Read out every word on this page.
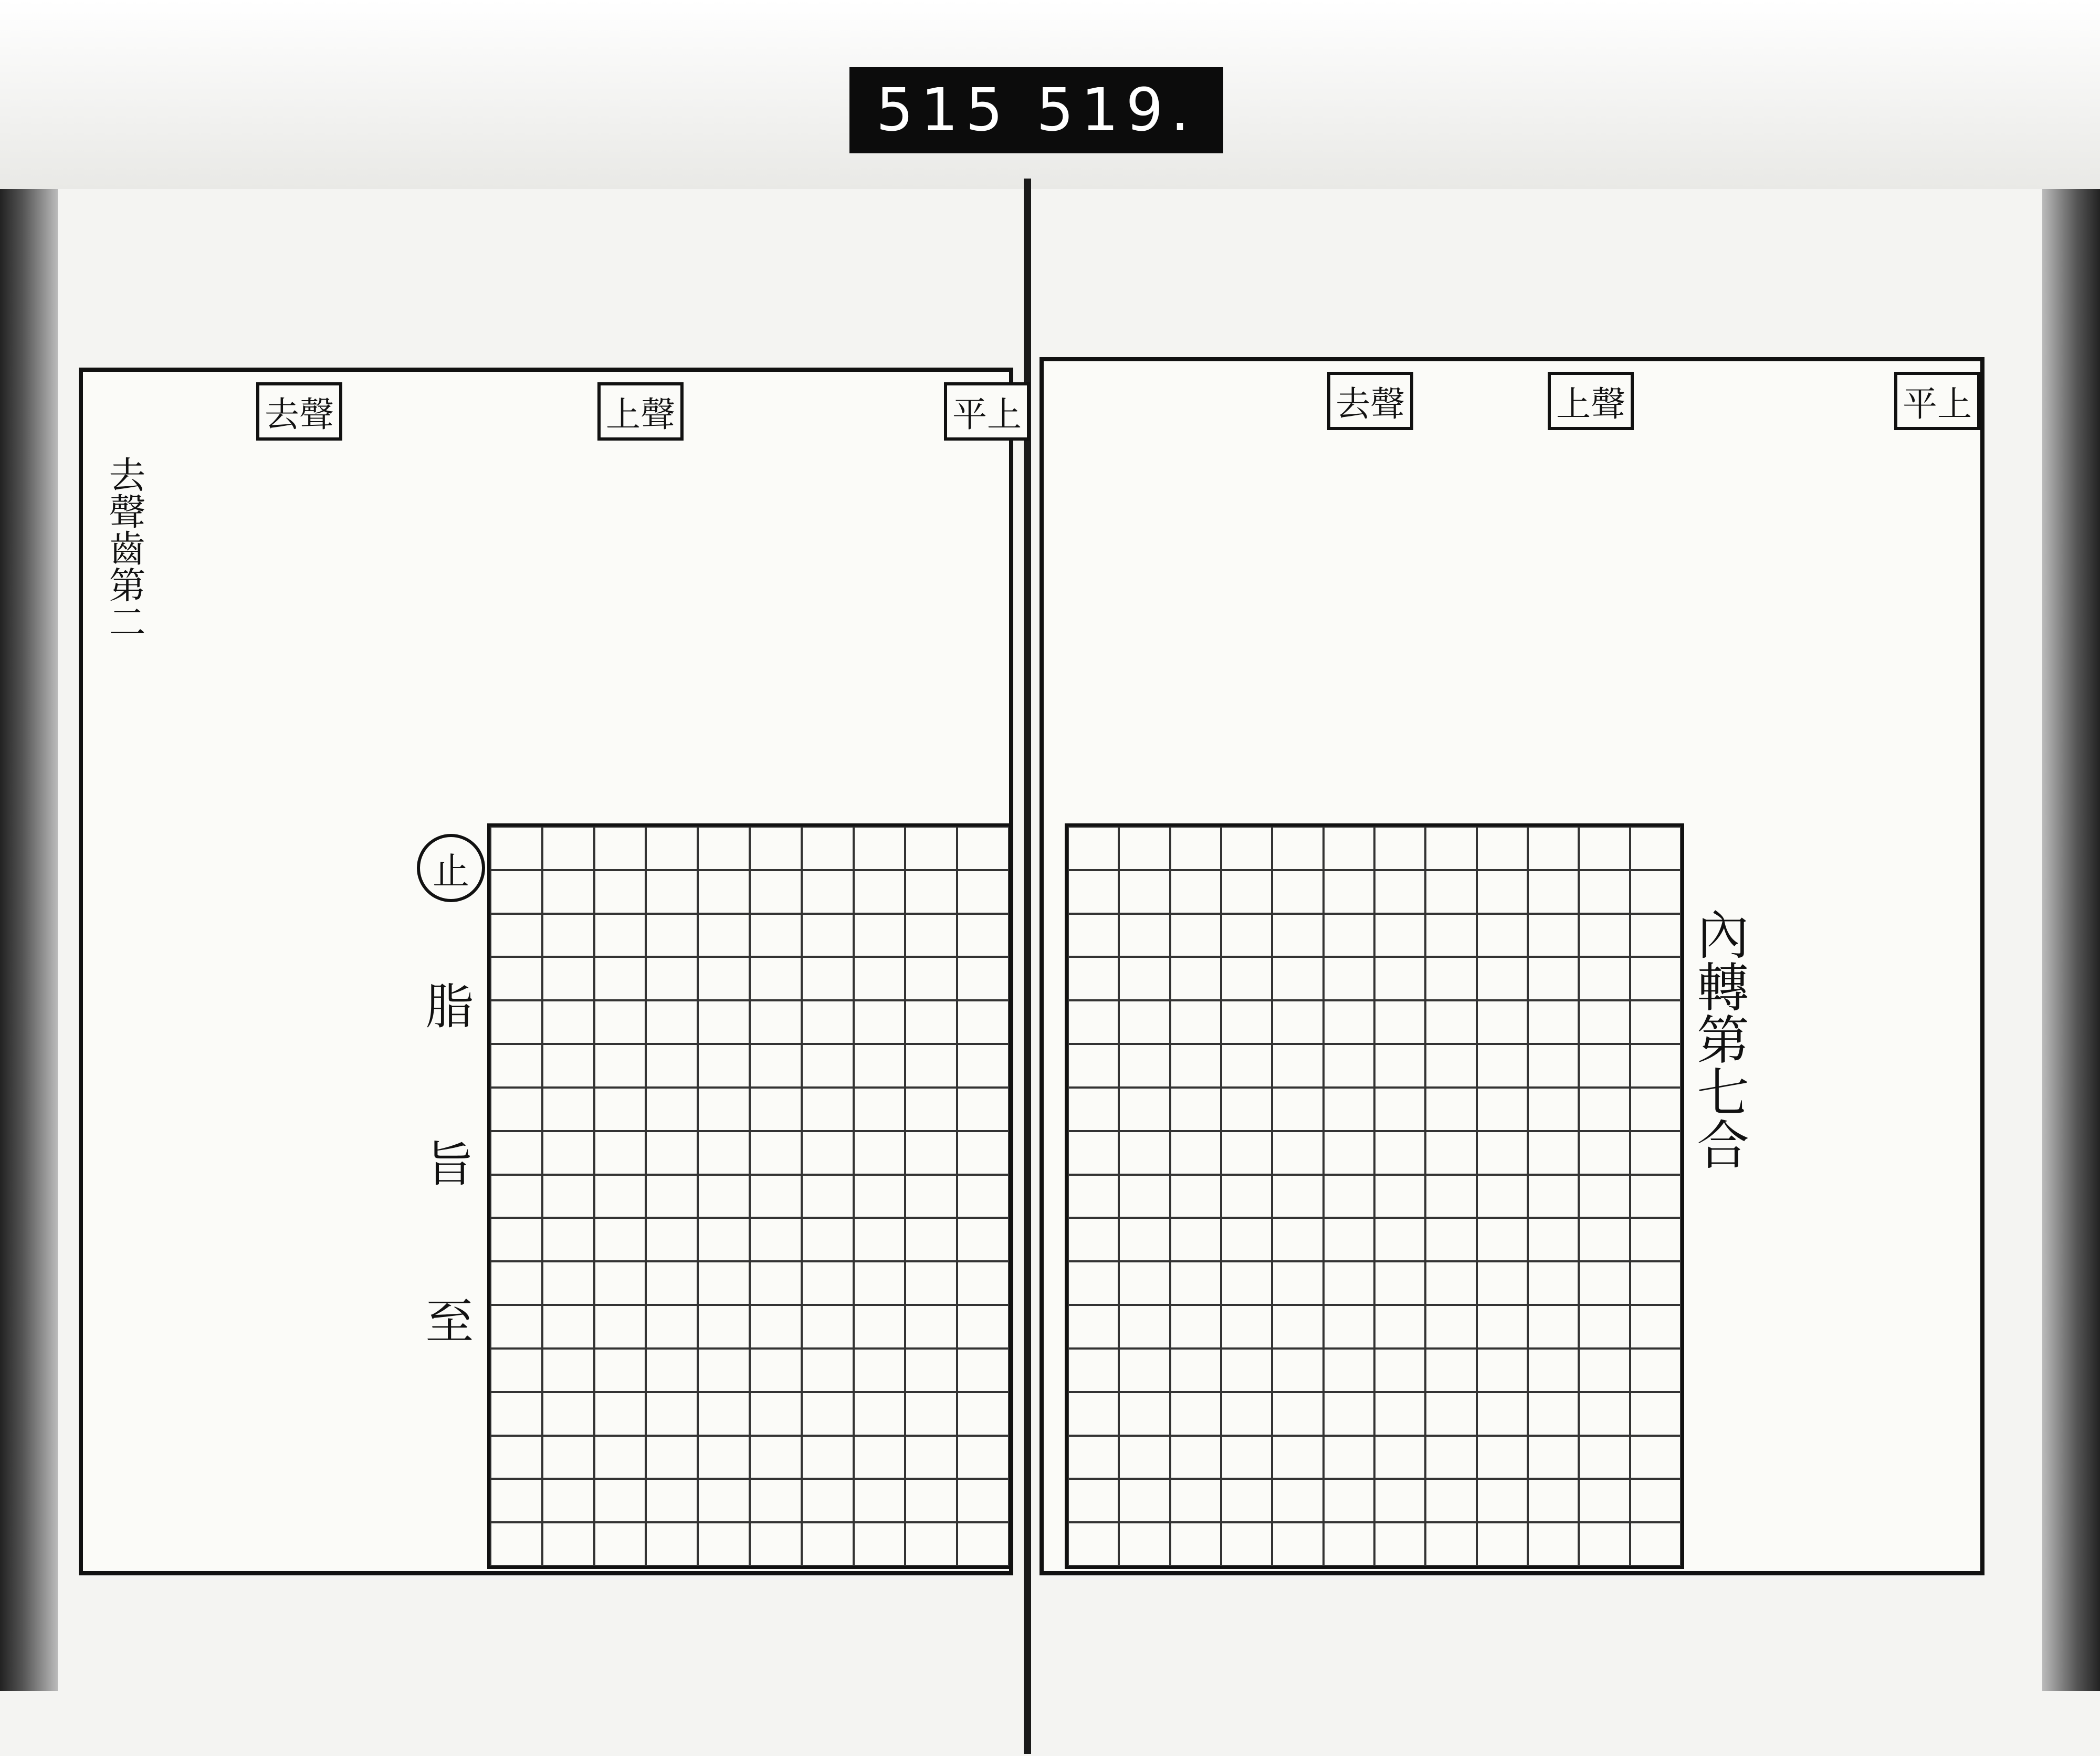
515 519.
平上
上聲
去聲
去聲齒第二
止
脂
旨
至
平上
上聲
去聲
內轉第七合
